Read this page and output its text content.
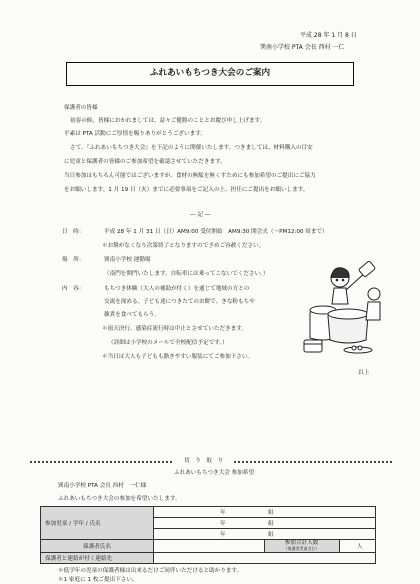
平成 28 年 1 月 8 日
巽南小学校 PTA 会長 西村 一仁
ふれあいもちつき大会のご案内
保護者の皆様
初春の候、皆様におかれましては、益々ご健勝のこととお慶び申し上げます。
平素は PTA 活動にご厚情を賜りありがとうございます。
さて、『ふれあいもちつき大会』を下記のように開催いたします。つきましては、材料購入の目安
に児童と保護者の皆様のご参加希望を確認させていただきます。
当日参加はもちろん可能ではございますが、食材の無駄を無くすためにも参加希望のご提出にご協力
をお願いします。1 月 19 日（火）までに必要事項をご記入の上、担任にご提出をお願いします。
― 記 ―
日　時：	平成 28 年 1 月 31 日（日）AM9:00 受付開始　AM9:30 開会式（～PM12:00 頃まで）
＊お餅がなくなり次第終了となりますので予めご容赦ください。
場　所：	巽南小学校 運動場
（南門を開門いたします。自転車には乗ってこないでください。）
内　容：	もちつき体験（大人の補助が付く）を通じて地域の方との
交流を深める。子ども達につきたてのお餅で、きな粉もちや
雑煮を食べてもらう。
＊雨天決行、感染症流行時は中止とさせていただきます。
（詳細は小学校のメールで全校配信予定です。）
＊当日は大人も子どもも動きやすい服装にてご参加下さい。
以上
切　り　取　り
ふれあいもちつき大会 参加希望
巽南小学校 PTA 会長 西村　一仁様
ふれあいもちつき大会の参加を希望いたします。
参加児童 / 学年 / 氏名		年	組		
		年	組		
		年	組		
保護者氏名			参加合計人数
（保護者児童含む）		人
保護者と連絡が付く連絡先					
＊低学年の児童の保護者様は出来るだけご同伴いただけると助かります。
＊1 家庭に 1 枚ご提出下さい。
